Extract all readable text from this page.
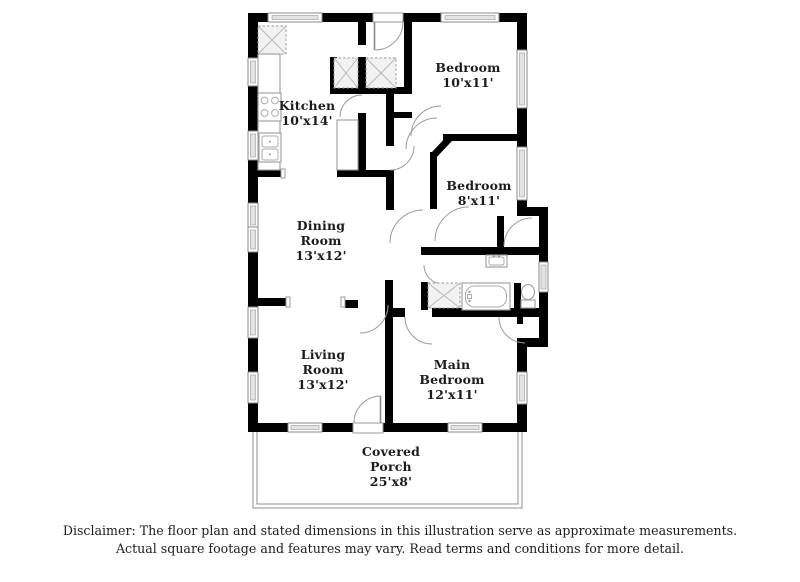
Kitchen
10'x14'
Bedroom
10'x11'
Bedroom
8'x11'
Dining
Room
13'x12'
Living
Room
13'x12'
Main
Bedroom
12'x11'
Covered
Porch
25'x8'
Disclaimer: The floor plan and stated dimensions in this illustration serve as approximate measurements.
Actual square footage and features may vary. Read terms and conditions for more detail.
